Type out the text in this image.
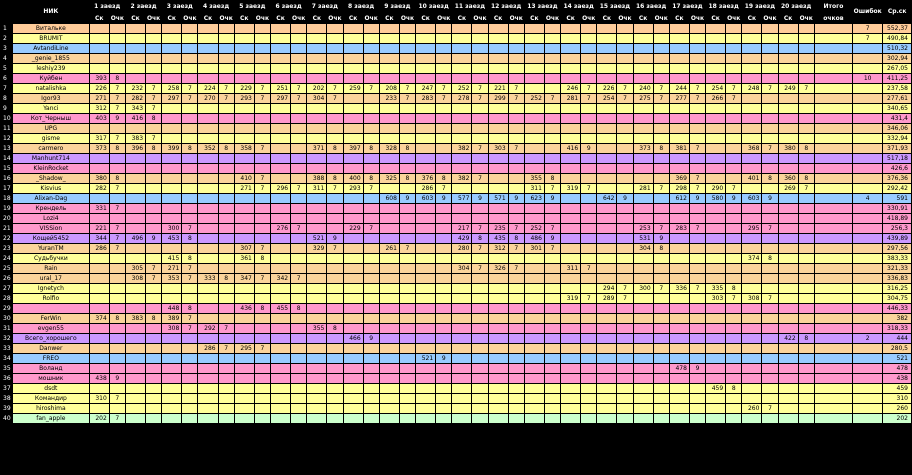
	НИК	1 заезд		2 заезд		3 заезд		4 заезд		5 заезд		6 заезд		7 заезд		8 заезд		9 заезд		10 заезд		11 заезд		12 заезд		13 заезд		14 заезд		15 заезд		16 заезд		17 заезд		18 заезд		19 заезд		20 заезд		Итого	Ошибок	Ср.ск
		Ск	Очк	Ск	Очк	Ск	Очк	Ск	Очк	Ск	Очк	Ск	Очк	Ск	Очк	Ск	Очк	Ск	Очк	Ск	Очк	Ск	Очк	Ск	Очк	Ск	Очк	Ск	Очк	Ск	Очк	Ск	Очк	Ск	Очк	Ск	Очк	Ск	Очк	Ск	Очк	очков		
1	Витальке																																										7	552,37
2	BRUMIT																																										7	490,84
3	AvtandiLine																																											510,32
4	_genie_1855																																											302,94
5	leshiy239																																											267,05
6	Куйбен	393	8																																								10	411,25
7	natalishka	226	7	232	7	258	7	224	7	229	7	251	7	202	7	259	7	208	7	247	7	252	7	221	7			246	7	226	7	240	7	244	7	254	7	248	7	249	7			237,58
8	Igor93	271	7	282	7	297	7	270	7	293	7	297	7	304	7			233	7	283	7	278	7	299	7	252	7	281	7	254	7	275	7	277	7	266	7							277,61
9	Yanci	312	7	343	7																																							340,65
10	Кот_Черныш	403	9	416	8																																							431,4
11	UPG																																											346,06
12	gisme	317	7	383	7																																							332,94
13	carmero	373	8	396	8	399	8	352	8	358	7			371	8	397	8	328	8			382	7	303	7			416	9			373	8	381	7			368	7	380	8			371,93
14	Manhunt714																																											517,18
15	KleinRocket																																											426,6
16	_Shadow_	380	8							410	7			388	8	400	8	325	8	376	8	382	7			355	8							369	7			401	8	360	8			376,36
17	Kisvius	282	7							271	7	296	7	311	7	293	7			286	7					311	7	319	7			281	7	298	7	290	7			269	7			292,42
18	Alixan-Dag																	608	9	603	9	577	9	571	9	623	9			642	9			612	9	580	9	603	9				4	591
19	Крендель	331	7																																									330,91
20	Lozi4																																											418,89
21	VISSion	221	7			300	7					276	7			229	7					217	7	235	7	252	7					253	7	283	7			295	7					256,3
22	Кощей5452	344	7	496	9	453	8							521	9							429	8	435	8	486	9					531	9											439,89
23	YuranTM	286	7							307	7			329	7			261	7			280	7	312	7	301	7					304	8											297,56
24	Судьбучки					415	8			361	8																											374	8					383,33
25	Rain			305	7	271	7															304	7	326	7			311	7															321,33
26	ural_17			308	7	353	7	333	8	347	7	342	7																															336,83
27	Ignetych																													294	7	300	7	336	7	335	8							316,25
28	Rolfio																											319	7	289	7					303	7	308	7					304,75
29						448	8			436	8	455	8																															446,33
30	FerWin	374	8	383	8	389	7																																					382
31	evgen55					308	7	292	7					355	8																													318,33
32	Всего_хорошего															466	9																							422	8		2	444
33	Danwer							286	7	295	7																																	280,5
34	FREO																			521	9																							521
35	Воланд																																	478	9									478
36	мошник	438	9																																									438
37	dsdt																																			459	8							459
38	Командир	310	7																																									310
39	hiroshima																																					260	7					260
40	fan_apple	202	7																																									202
